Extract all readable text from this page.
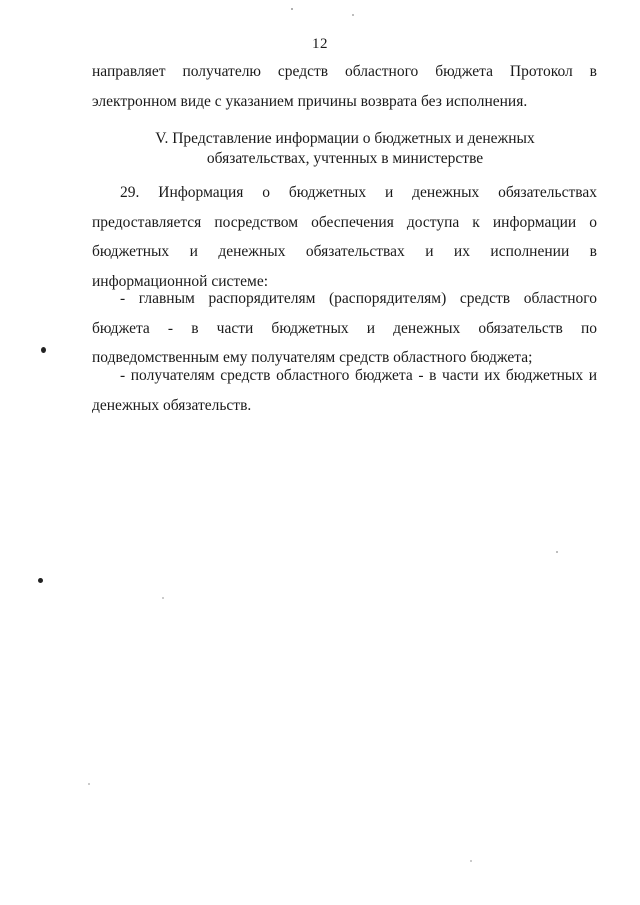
12

направляет получателю средств областного бюджета Протокол в электронном виде с указанием причины возврата без исполнения.

V. Представление информации о бюджетных и денежных обязательствах, учтенных в министерстве

29. Информация о бюджетных и денежных обязательствах предоставляется посредством обеспечения доступа к информации о бюджетных и денежных обязательствах и их исполнении в информационной системе:

- главным распорядителям (распорядителям) средств областного бюджета - в части бюджетных и денежных обязательств по подведомственным ему получателям средств областного бюджета;

- получателям средств областного бюджета - в части их бюджетных и денежных обязательств.
